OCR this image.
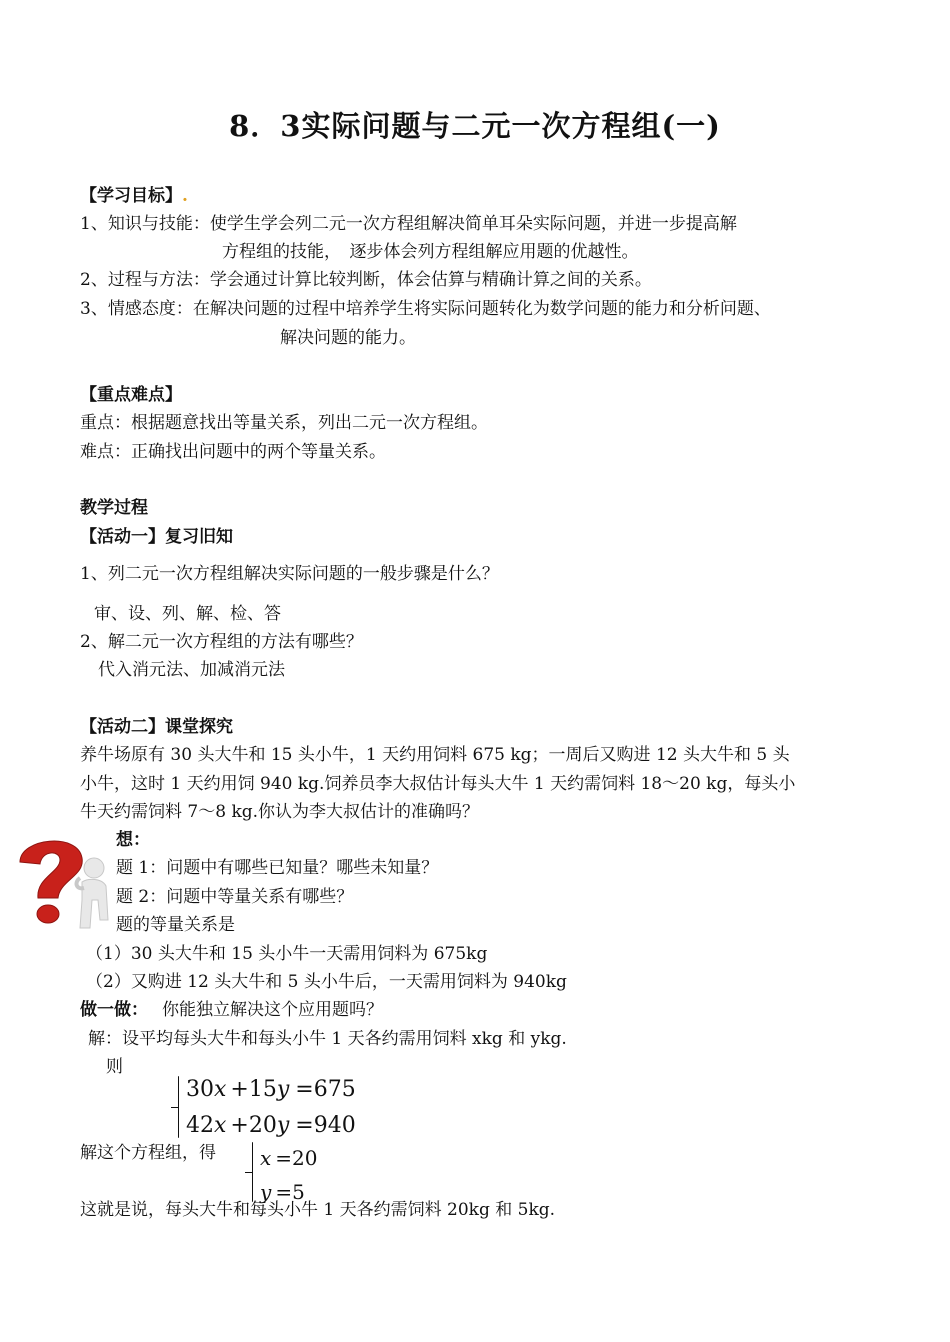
8．3实际问题与二元一次方程组(一)
【学习目标】.
1、知识与技能：使学生学会列二元一次方程组解决简单耳朵实际问题，并进一步提高解
方程组的技能，　逐步体会列方程组解应用题的优越性。
2、过程与方法：学会通过计算比较判断，体会估算与精确计算之间的关系。
3、情感态度：在解决问题的过程中培养学生将实际问题转化为数学问题的能力和分析问题、
解决问题的能力。
【重点难点】
重点：根据题意找出等量关系，列出二元一次方程组。
难点：正确找出问题中的两个等量关系。
教学过程
【活动一】复习旧知
1、列二元一次方程组解决实际问题的一般步骤是什么？
审、设、列、解、检、答
2、解二元一次方程组的方法有哪些？
代入消元法、加减消元法
【活动二】课堂探究
养牛场原有 30 头大牛和 15 头小牛，1 天约用饲料 675 kg；一周后又购进 12 头大牛和 5 头
小牛，这时 1 天约用饲 940 kg.饲养员李大叔估计每头大牛 1 天约需饲料 18～20 kg，每头小
牛天约需饲料 7～8 kg.你认为李大叔估计的准确吗？
想：
题 1：问题中有哪些已知量？哪些未知量？
题 2：问题中等量关系有哪些？
题的等量关系是
（1）30 头大牛和 15 头小牛一天需用饲料为 675kg
（2）又购进 12 头大牛和 5 头小牛后，一天需用饲料为 940kg
做一做： 你能独立解决这个应用题吗？
解：设平均每头大牛和每头小牛 1 天各约需用饲料 xkg 和 ykg.
则
30x +15y =675
42x +20y =940
解这个方程组，得 x =20
y =5
这就是说，每头大牛和每头小牛 1 天各约需饲料 20kg 和 5kg.
